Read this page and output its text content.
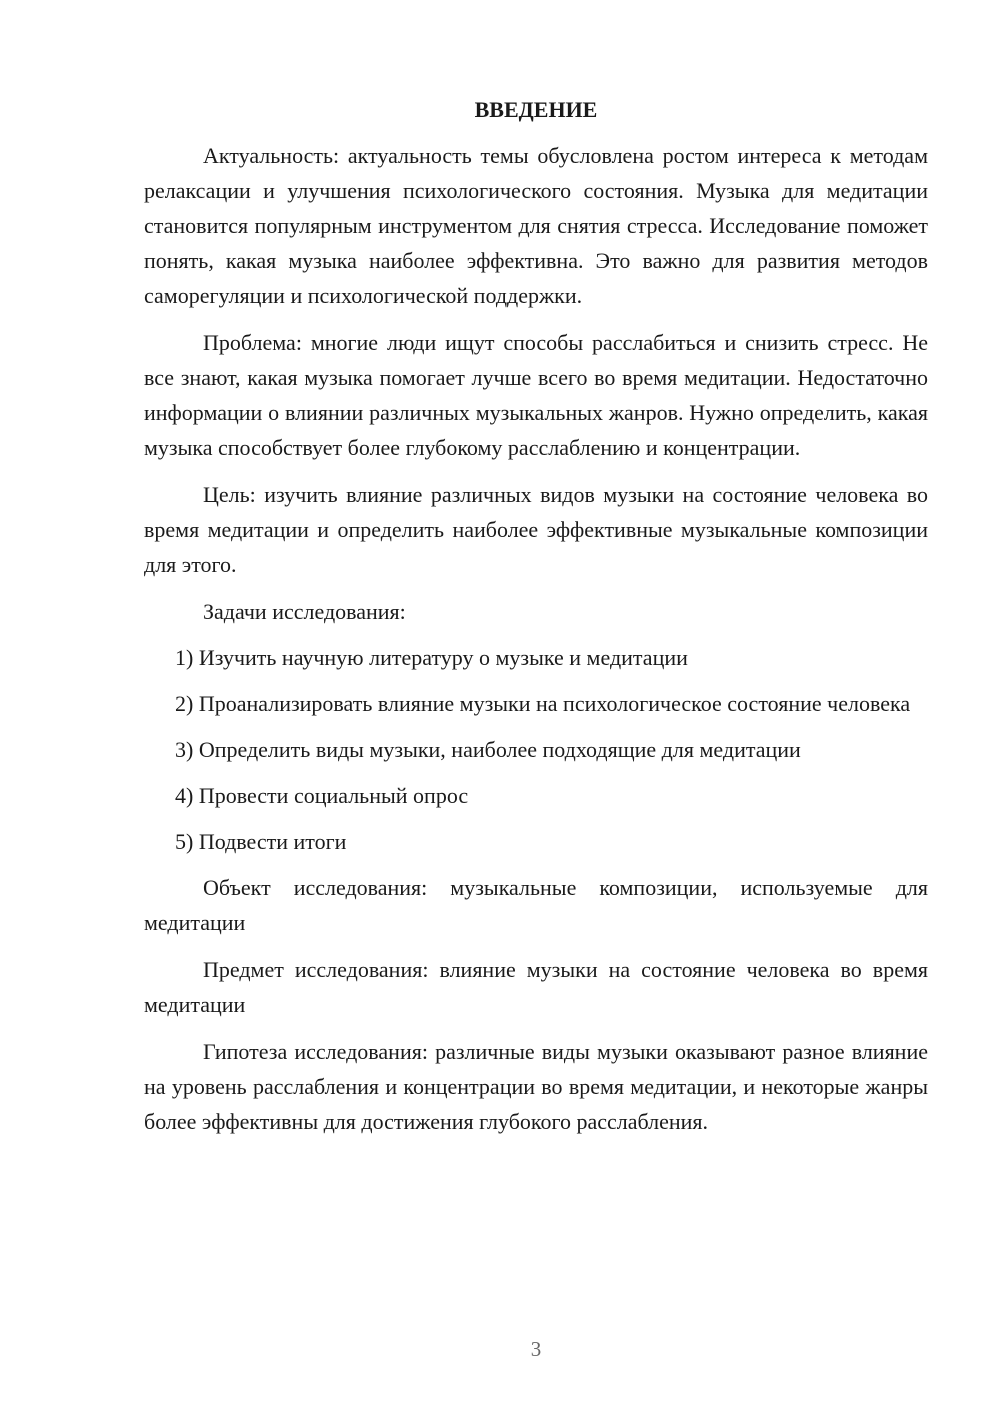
ВВЕДЕНИЕ

Актуальность: актуальность темы обусловлена ростом интереса к методам релаксации и улучшения психологического состояния. Музыка для медитации становится популярным инструментом для снятия стресса. Исследование поможет понять, какая музыка наиболее эффективна. Это важно для развития методов саморегуляции и психологической поддержки.

Проблема: многие люди ищут способы расслабиться и снизить стресс. Не все знают, какая музыка помогает лучше всего во время медитации. Недостаточно информации о влиянии различных музыкальных жанров. Нужно определить, какая музыка способствует более глубокому расслаблению и концентрации.

Цель: изучить влияние различных видов музыки на состояние человека во время медитации и определить наиболее эффективные музыкальные композиции для этого.

Задачи исследования:

1) Изучить научную литературу о музыке и медитации

2) Проанализировать влияние музыки на психологическое состояние человека

3) Определить виды музыки, наиболее подходящие для медитации

4) Провести социальный опрос

5) Подвести итоги

Объект исследования: музыкальные композиции, используемые для медитации

Предмет исследования: влияние музыки на состояние человека во время медитации

Гипотеза исследования: различные виды музыки оказывают разное влияние на уровень расслабления и концентрации во время медитации, и некоторые жанры более эффективны для достижения глубокого расслабления.

3
